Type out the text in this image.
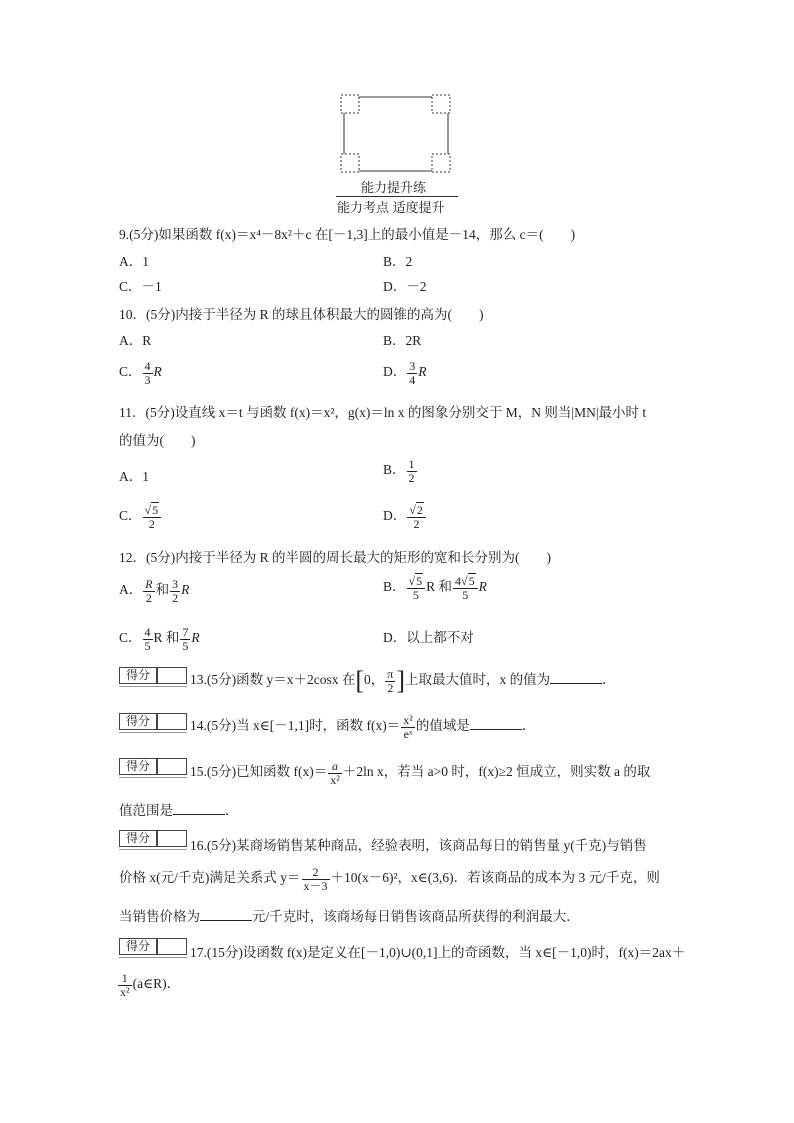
能力提升练
能力考点 适度提升
9.(5分)如果函数 f(x)＝x⁴－8x²＋c 在[－1,3]上的最小值是－14，那么 c＝(　　)
A．1	B．2
C．－1	D．－2
10．(5分)内接于半径为 R 的球且体积最大的圆锥的高为(　　)
A．R	B．2R
C． $\frac{4}{3}$ R	D． $\frac{3}{4}$ R
11．(5分)设直线 x＝t 与函数 f(x)＝x²，g(x)＝ln x 的图象分别交于 M，N 则当|MN|最小时 t
的值为(　　)
A．1	B． $\frac{1}{2}$
C． $\frac{√5}{2}$	D． $\frac{√2}{2}$
12．(5分)内接于半径为 R 的半圆的周长最大的矩形的宽和长分别为(　　)
A． $\frac{R}{2}$ 和 $\frac{3}{2}$ R	B． $\frac{√5}{5}$ R 和 $\frac{4√5}{5}$ R
C． $\frac{4}{5}$ R 和 $\frac{7}{5}$ R	D．以上都不对
得分	13.(5分)函数 y＝x＋2cosx 在[0， $\frac{\pi}{2}$ ]上取最大值时，x 的值为	．
得分	14.(5分)当 x∈[－1,1]时，函数 $f(x)= \frac{\text{x²}}{\text{eˣ}}$ 的值域是	．
得分	15.(5分)已知函数 $f(x)= \frac{a}{\text{x²}} +2\ln$ x，若当 a>0 时，f(x)≥2 恒成立，则实数 a 的取
值范围是	．
得分	16.(5分)某商场销售某种商品，经验表明，该商品每日的销售量 y(千克)与销售
价格 x(元/千克)满足关系式 $y= \frac{2}{x-3} +10(x-6)^2$，x∈(3,6)．若该商品的成本为 3 元/千克，则
当销售价格为	元/千克时，该商场每日销售该商品所获得的利润最大．
得分	17.(15分)设函数 f(x)是定义在[－1,0)∪(0,1]上的奇函数，当 x∈[－1,0)时，f(x)＝2ax＋
$\frac{1}{\text{x²}}$ (a∈R)．
